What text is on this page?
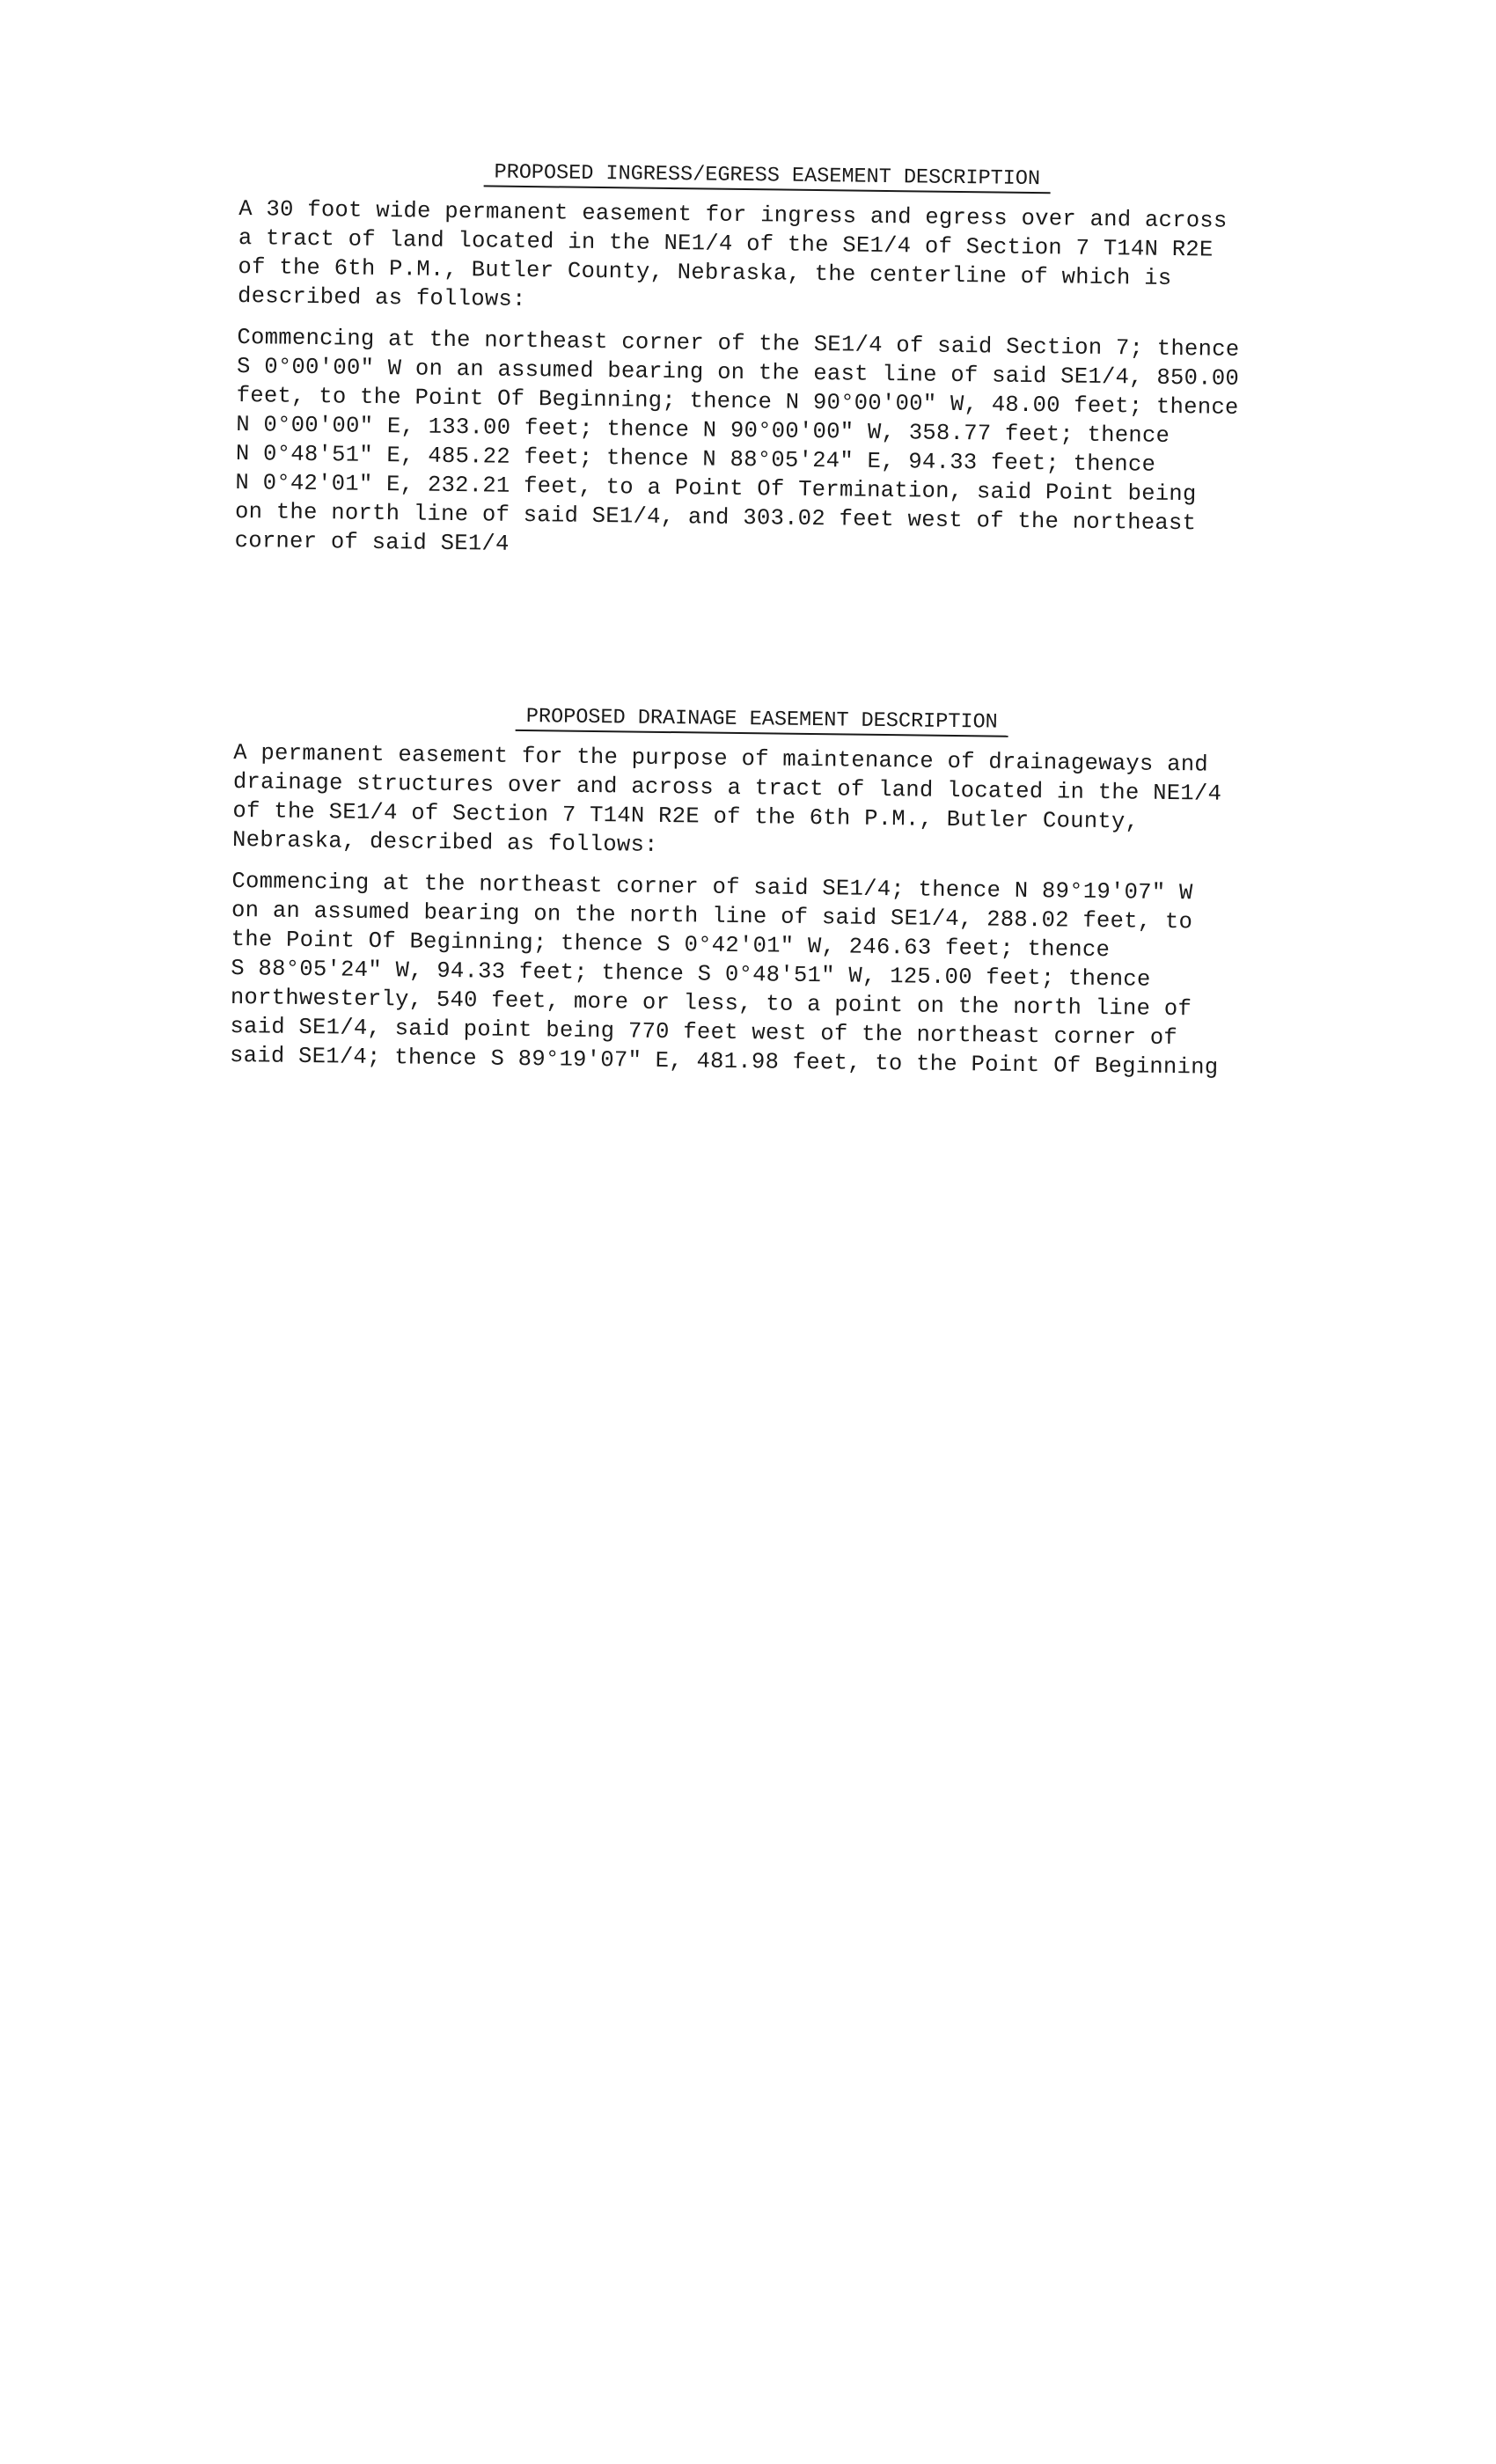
PROPOSED INGRESS/EGRESS EASEMENT DESCRIPTION

A 30 foot wide permanent easement for ingress and egress over and across
a tract of land located in the NE1/4 of the SE1/4 of Section 7 T14N R2E
of the 6th P.M., Butler County, Nebraska, the centerline of which is
described as follows:

Commencing at the northeast corner of the SE1/4 of said Section 7; thence
S 0°00'00" W on an assumed bearing on the east line of said SE1/4, 850.00
feet, to the Point Of Beginning; thence N 90°00'00" W, 48.00 feet; thence
N 0°00'00" E, 133.00 feet; thence N 90°00'00" W, 358.77 feet; thence
N 0°48'51" E, 485.22 feet; thence N 88°05'24" E, 94.33 feet; thence
N 0°42'01" E, 232.21 feet, to a Point Of Termination, said Point being
on the north line of said SE1/4, and 303.02 feet west of the northeast
corner of said SE1/4

PROPOSED DRAINAGE EASEMENT DESCRIPTION

A permanent easement for the purpose of maintenance of drainageways and
drainage structures over and across a tract of land located in the NE1/4
of the SE1/4 of Section 7 T14N R2E of the 6th P.M., Butler County,
Nebraska, described as follows:

Commencing at the northeast corner of said SE1/4; thence N 89°19'07" W
on an assumed bearing on the north line of said SE1/4, 288.02 feet, to
the Point Of Beginning; thence S 0°42'01" W, 246.63 feet; thence
S 88°05'24" W, 94.33 feet; thence S 0°48'51" W, 125.00 feet; thence
northwesterly, 540 feet, more or less, to a point on the north line of
said SE1/4, said point being 770 feet west of the northeast corner of
said SE1/4; thence S 89°19'07" E, 481.98 feet, to the Point Of Beginning
